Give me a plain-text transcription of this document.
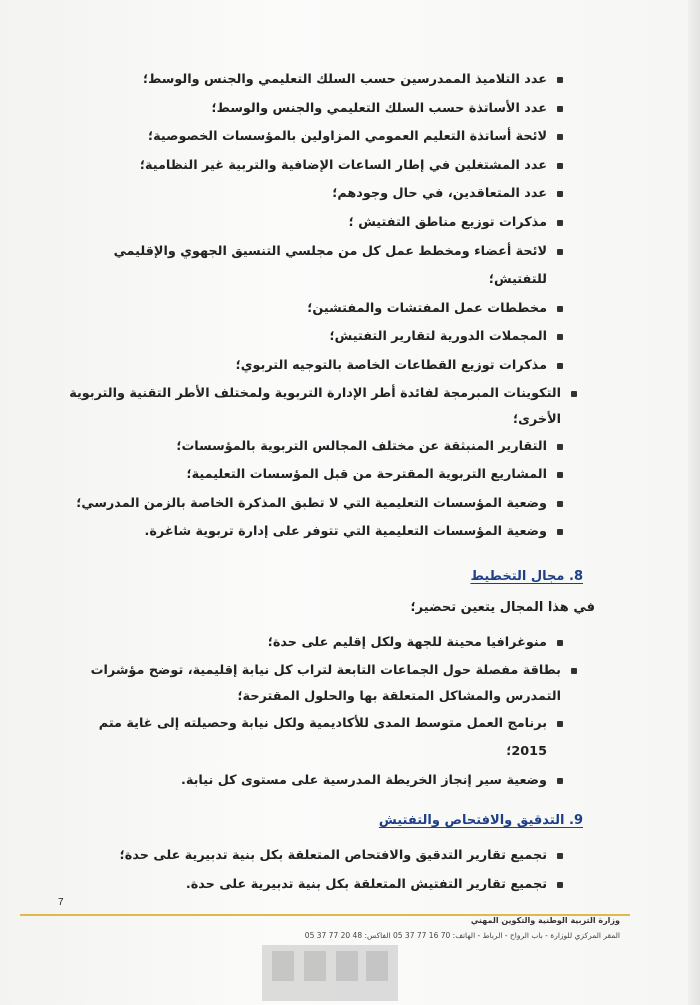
عدد التلاميذ الممدرسين حسب السلك التعليمي والجنس والوسط؛
عدد الأساتذة حسب السلك التعليمي والجنس والوسط؛
لائحة أساتذة التعليم العمومي المزاولين بالمؤسسات الخصوصية؛
عدد المشتغلين في إطار الساعات الإضافية والتربية غير النظامية؛
عدد المتعاقدين، في حال وجودهم؛
مذكرات توزيع مناطق التفتيش ؛
لائحة أعضاء ومخطط عمل كل من مجلسي التنسيق الجهوي والإقليمي للتفتيش؛
مخططات عمل المفتشات والمفتشين؛
المجملات الدورية لتقارير التفتيش؛
مذكرات توزيع القطاعات الخاصة بالتوجيه التربوي؛
التكوينات المبرمجة لفائدة أطر الإدارة التربوية ولمختلف الأطر التقنية والتربوية الأخرى؛
التقارير المنبثقة عن مختلف المجالس التربوية بالمؤسسات؛
المشاريع التربوية المقترحة من قبل المؤسسات التعليمية؛
وضعية المؤسسات التعليمية التي لا تطبق المذكرة الخاصة بالزمن المدرسي؛
وضعية المؤسسات التعليمية التي تتوفر على إدارة تربوية شاغرة.
8. مجال التخطيط
في هذا المجال يتعين تحضير؛
منوغرافيا محينة للجهة ولكل إقليم على حدة؛
بطاقة مفصلة حول الجماعات التابعة لتراب كل نيابة إقليمية، توضح مؤشرات التمدرس والمشاكل المتعلقة بها والحلول المقترحة؛
برنامج العمل متوسط المدى للأكاديمية ولكل نيابة وحصيلته إلى غاية متم 2015؛
وضعية سير إنجاز الخريطة المدرسية على مستوى كل نيابة.
9. التدقيق والافتحاص والتفتيش
تجميع تقارير التدقيق والافتحاص المتعلقة بكل بنية تدبيرية على حدة؛
تجميع تقارير التفتيش المتعلقة بكل بنية تدبيرية على حدة.
7
وزارة التربية الوطنية والتكوين المهني
المقر المركزي للوزارة - باب الرواح - الرباط - الهاتف: 70 16 77 37 05 الفاكس: 48 20 77 37 05
